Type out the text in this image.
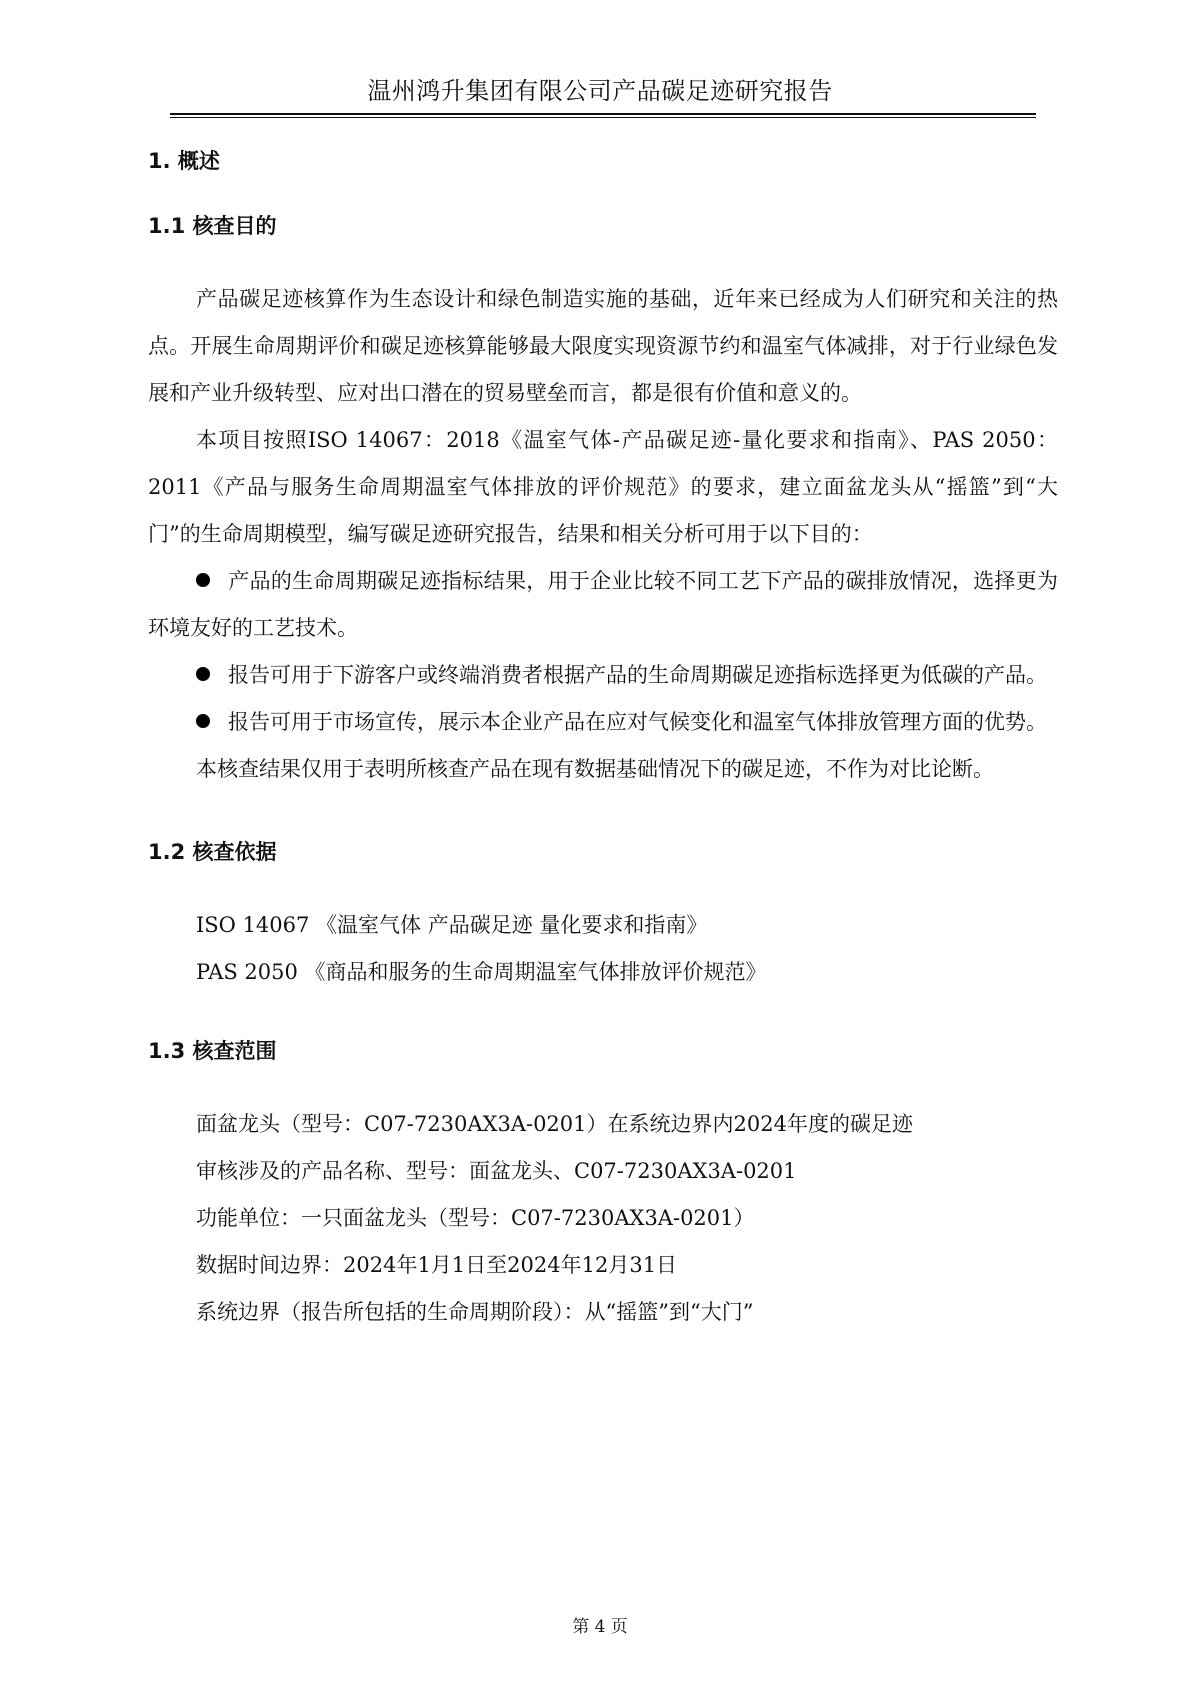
温州鸿升集团有限公司产品碳足迹研究报告
1. 概述
1.1 核查目的

产品碳足迹核算作为生态设计和绿色制造实施的基础，近年来已经成为人们研究和关注的热点。开展生命周期评价和碳足迹核算能够最大限度实现资源节约和温室气体减排，对于行业绿色发展和产业升级转型、应对出口潜在的贸易壁垒而言，都是很有价值和意义的。

本项目按照ISO 14067：2018《温室气体-产品碳足迹-量化要求和指南》、PAS 2050：2011《产品与服务生命周期温室气体排放的评价规范》的要求，建立面盆龙头从“摇篮”到“大门”的生命周期模型，编写碳足迹研究报告，结果和相关分析可用于以下目的：

产品的生命周期碳足迹指标结果，用于企业比较不同工艺下产品的碳排放情况，选择更为环境友好的工艺技术。

报告可用于下游客户或终端消费者根据产品的生命周期碳足迹指标选择更为低碳的产品。

报告可用于市场宣传，展示本企业产品在应对气候变化和温室气体排放管理方面的优势。

本核查结果仅用于表明所核查产品在现有数据基础情况下的碳足迹，不作为对比论断。

1.2 核查依据

ISO 14067 《温室气体 产品碳足迹 量化要求和指南》

PAS 2050 《商品和服务的生命周期温室气体排放评价规范》

1.3 核查范围

面盆龙头（型号：C07-7230AX3A-0201）在系统边界内2024年度的碳足迹

审核涉及的产品名称、型号：面盆龙头、C07-7230AX3A-0201

功能单位：一只面盆龙头（型号：C07-7230AX3A-0201）

数据时间边界：2024年1月1日至2024年12月31日

系统边界（报告所包括的生命周期阶段）：从“摇篮”到“大门”

第 4 页
